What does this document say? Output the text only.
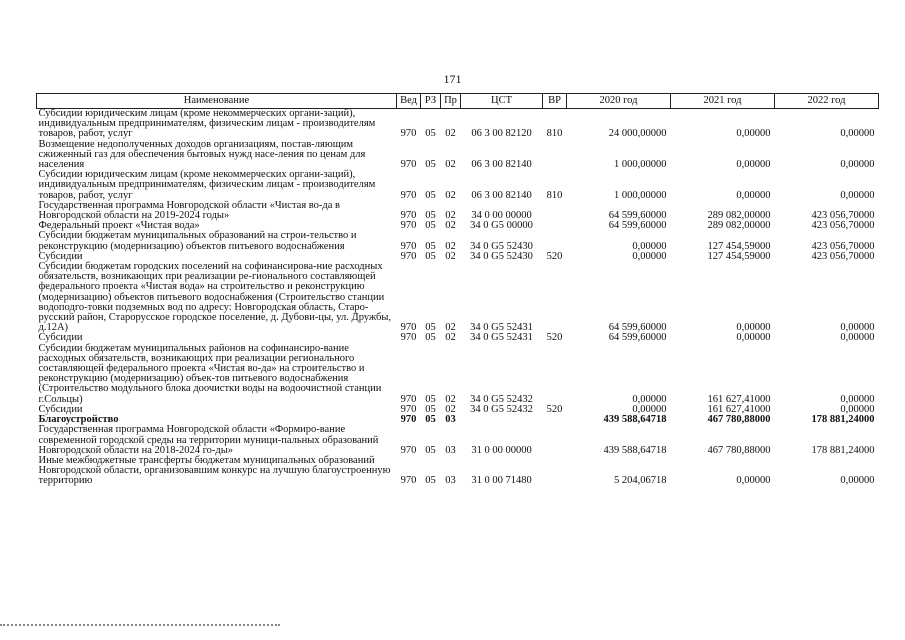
171
Наименование	Вед	РЗ	Пр	ЦСТ	ВР	2020 год	2021 год	2022 год
Субсидии юридическим лицам (кроме некоммерческих органи-заций), индивидуальным предпринимателям, физическим лицам - производителям товаров, работ, услуг	970	05	02	06 3 00 82120	810	24 000,00000	0,00000	0,00000
Возмещение недополученных доходов организациям, постав-ляющим сжиженный газ для обеспечения бытовых нужд насе-ления по ценам для населения	970	05	02	06 3 00 82140		1 000,00000	0,00000	0,00000
Субсидии юридическим лицам (кроме некоммерческих органи-заций), индивидуальным предпринимателям, физическим лицам - производителям товаров, работ, услуг	970	05	02	06 3 00 82140	810	1 000,00000	0,00000	0,00000
Государственная программа Новгородской области «Чистая во-да в Новгородской области на 2019-2024 годы»	970	05	02	34 0 00 00000		64 599,60000	289 082,00000	423 056,70000
Федеральный проект «Чистая вода»	970	05	02	34 0 G5 00000		64 599,60000	289 082,00000	423 056,70000
Субсидии бюджетам муниципальных образований на строи-тельство и реконструкцию (модернизацию) объектов питьевого водоснабжения	970	05	02	34 0 G5 52430		0,00000	127 454,59000	423 056,70000
Субсидии	970	05	02	34 0 G5 52430	520	0,00000	127 454,59000	423 056,70000
Субсидии бюджетам городских поселений на софинансирова-ние расходных обязательств, возникающих при реализации ре-гионального составляющей федерального проекта «Чистая вода» на строительство и реконструкцию (модернизацию) объектов питьевого водоснабжения (Строительство станции водоподго-товки подземных вод по адресу: Новгородская область, Старо-русский район, Старорусское городское поселение, д. Дубови-цы, ул. Дружбы, д.12А)	970	05	02	34 0 G5 52431		64 599,60000	0,00000	0,00000
Субсидии	970	05	02	34 0 G5 52431	520	64 599,60000	0,00000	0,00000
Субсидии бюджетам муниципальных районов на софинансиро-вание расходных обязательств, возникающих при реализации регионального составляющей федерального проекта «Чистая во-да» на строительство и реконструкцию (модернизацию) объек-тов питьевого водоснабжения (Строительство модульного блока доочистки воды на водоочистной станции г.Сольцы)	970	05	02	34 0 G5 52432		0,00000	161 627,41000	0,00000
Субсидии	970	05	02	34 0 G5 52432	520	0,00000	161 627,41000	0,00000
Благоустройство	970	05	03			439 588,64718	467 780,88000	178 881,24000
Государственная программа Новгородской области «Формиро-вание современной городской среды на территории муници-пальных образований Новгородской области на 2018-2024 го-ды»	970	05	03	31 0 00 00000		439 588,64718	467 780,88000	178 881,24000
Иные межбюджетные трансферты бюджетам муниципальных образований Новгородской области, организовавшим конкурс на лучшую благоустроенную территорию	970	05	03	31 0 00 71480		5 204,06718	0,00000	0,00000
